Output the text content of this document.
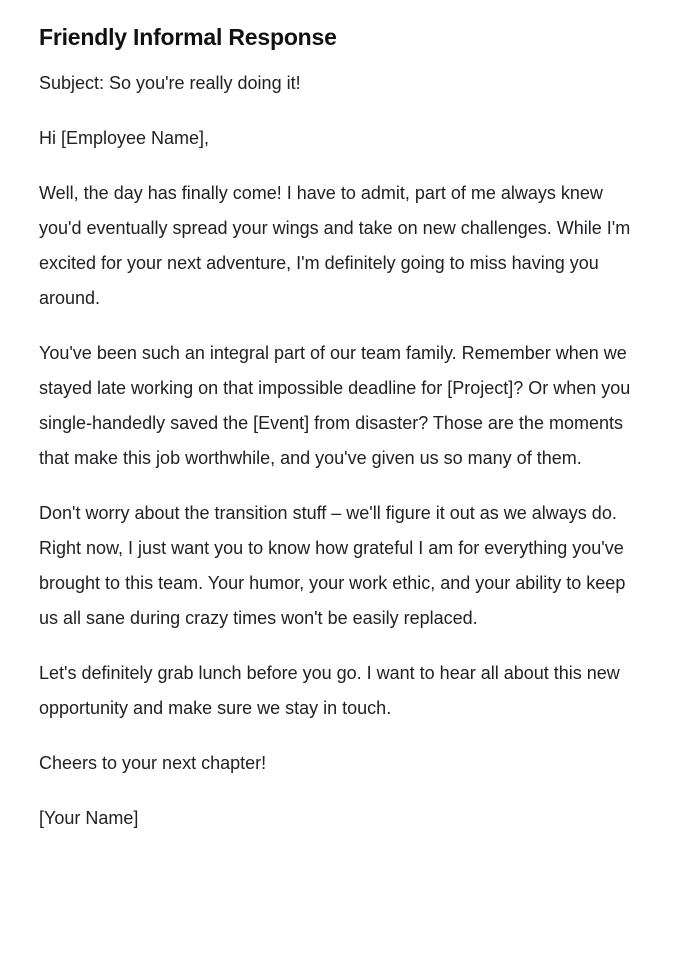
Friendly Informal Response

Subject: So you're really doing it!

Hi [Employee Name],

Well, the day has finally come! I have to admit, part of me always knew you'd eventually spread your wings and take on new challenges. While I'm excited for your next adventure, I'm definitely going to miss having you around.

You've been such an integral part of our team family. Remember when we stayed late working on that impossible deadline for [Project]? Or when you single-handedly saved the [Event] from disaster? Those are the moments that make this job worthwhile, and you've given us so many of them.

Don't worry about the transition stuff – we'll figure it out as we always do. Right now, I just want you to know how grateful I am for everything you've brought to this team. Your humor, your work ethic, and your ability to keep us all sane during crazy times won't be easily replaced.

Let's definitely grab lunch before you go. I want to hear all about this new opportunity and make sure we stay in touch.

Cheers to your next chapter!

[Your Name]
